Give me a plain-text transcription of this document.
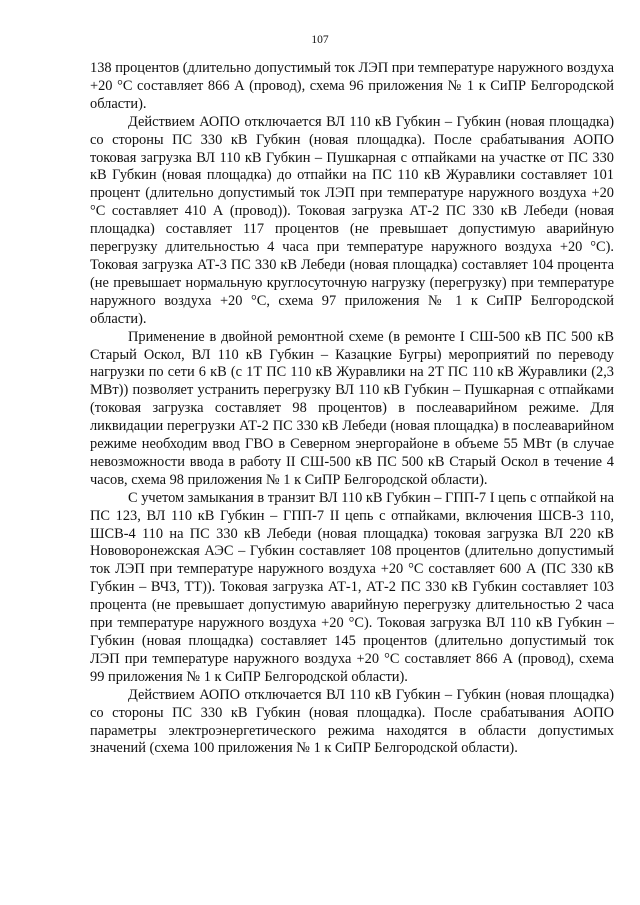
107

138 процентов (длительно допустимый ток ЛЭП при температуре наружного воздуха +20 °С составляет 866 А (провод), схема 96 приложения № 1 к СиПР Белгородской области).

Действием АОПО отключается ВЛ 110 кВ Губкин – Губкин (новая площадка) со стороны ПС 330 кВ Губкин (новая площадка). После срабатывания АОПО токовая загрузка ВЛ 110 кВ Губкин – Пушкарная с отпайками на участке от ПС 330 кВ Губкин (новая площадка) до отпайки на ПС 110 кВ Журавлики составляет 101 процент (длительно допустимый ток ЛЭП при температуре наружного воздуха +20 °С составляет 410 А (провод)). Токовая загрузка АТ-2 ПС 330 кВ Лебеди (новая площадка) составляет 117 процентов (не превышает допустимую аварийную перегрузку длительностью 4 часа при температуре наружного воздуха +20 °С). Токовая загрузка АТ-3 ПС 330 кВ Лебеди (новая площадка) составляет 104 процента (не превышает нормальную круглосуточную нагрузку (перегрузку) при температуре наружного воздуха +20 °С, схема 97 приложения № 1 к СиПР Белгородской области).

Применение в двойной ремонтной схеме (в ремонте I СШ-500 кВ ПС 500 кВ Старый Оскол, ВЛ 110 кВ Губкин – Казацкие Бугры) мероприятий по переводу нагрузки по сети 6 кВ (с 1Т ПС 110 кВ Журавлики на 2Т ПС 110 кВ Журавлики (2,3 МВт)) позволяет устранить перегрузку ВЛ 110 кВ Губкин – Пушкарная с отпайками (токовая загрузка составляет 98 процентов) в послеаварийном режиме. Для ликвидации перегрузки АТ-2 ПС 330 кВ Лебеди (новая площадка) в послеаварийном режиме необходим ввод ГВО в Северном энергорайоне в объеме 55 МВт (в случае невозможности ввода в работу II СШ-500 кВ ПС 500 кВ Старый Оскол в течение 4 часов, схема 98 приложения № 1 к СиПР Белгородской области).

С учетом замыкания в транзит ВЛ 110 кВ Губкин – ГПП-7 I цепь с отпайкой на ПС 123, ВЛ 110 кВ Губкин – ГПП-7 II цепь с отпайками, включения ШСВ-3 110, ШСВ-4 110 на ПС 330 кВ Лебеди (новая площадка) токовая загрузка ВЛ 220 кВ Нововоронежская АЭС – Губкин составляет 108 процентов (длительно допустимый ток ЛЭП при температуре наружного воздуха +20 °С составляет 600 А (ПС 330 кВ Губкин – ВЧЗ, ТТ)). Токовая загрузка АТ-1, АТ-2 ПС 330 кВ Губкин составляет 103 процента (не превышает допустимую аварийную перегрузку длительностью 2 часа при температуре наружного воздуха +20 °С). Токовая загрузка ВЛ 110 кВ Губкин – Губкин (новая площадка) составляет 145 процентов (длительно допустимый ток ЛЭП при температуре наружного воздуха +20 °С составляет 866 А (провод), схема 99 приложения № 1 к СиПР Белгородской области).

Действием АОПО отключается ВЛ 110 кВ Губкин – Губкин (новая площадка) со стороны ПС 330 кВ Губкин (новая площадка). После срабатывания АОПО параметры электроэнергетического режима находятся в области допустимых значений (схема 100 приложения № 1 к СиПР Белгородской области).
